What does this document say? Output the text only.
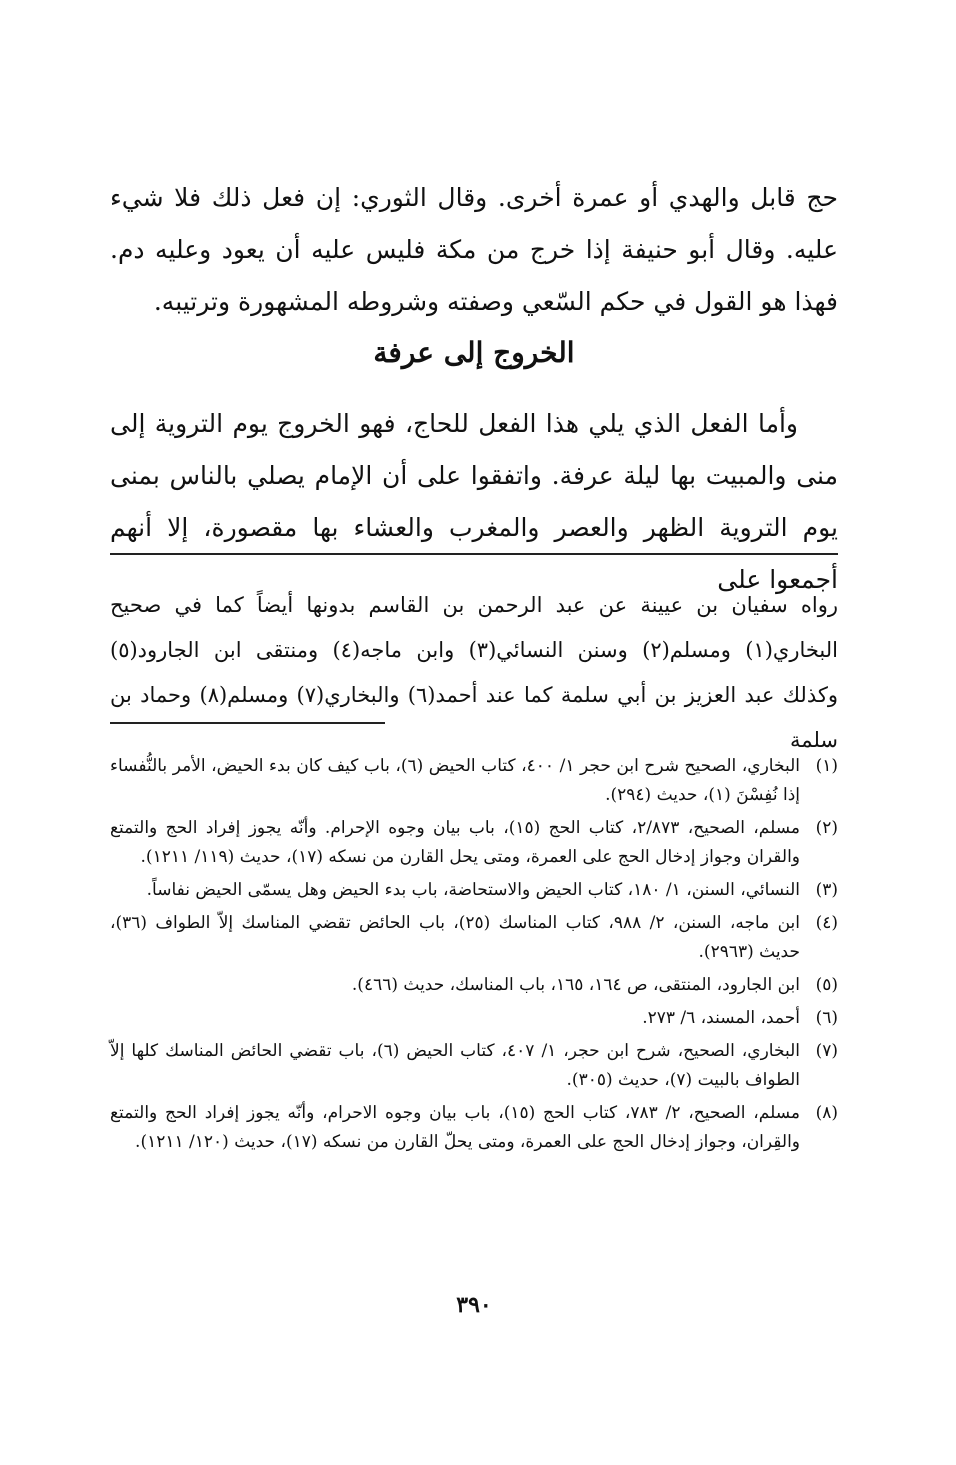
حج قابل والهدي أو عمرة أخرى. وقال الثوري: إن فعل ذلك فلا شيء عليه. وقال أبو حنيفة إذا خرج من مكة فليس عليه أن يعود وعليه دم. فهذا هو القول في حكم السّعي وصفته وشروطه المشهورة وترتيبه.

الخروج إلى عرفة

وأما الفعل الذي يلي هذا الفعل للحاج، فهو الخروج يوم التروية إلى منى والمبيت بها ليلة عرفة. واتفقوا على أن الإمام يصلي بالناس بمنى يوم التروية الظهر والعصر والمغرب والعشاء بها مقصورة، إلا أنهم أجمعوا على

رواه سفيان بن عيينة عن عبد الرحمن بن القاسم بدونها أيضاً كما في صحيح البخاري(١) ومسلم(٢) وسنن النسائي(٣) وابن ماجه(٤) ومنتقى ابن الجارود(٥) وكذلك عبد العزيز بن أبي سلمة كما عند أحمد(٦) والبخاري(٧) ومسلم(٨) وحماد بن سلمة

(١)
البخاري، الصحيح شرح ابن حجر ١/ ٤٠٠، كتاب الحيض (٦)، باب كيف كان بدء الحيض، الأمر بالنُّفساء إذا نُفِسْنَ (١)، حديث (٢٩٤).
(٢)
مسلم، الصحيح، ٢/٨٧٣، كتاب الحج (١٥)، باب بيان وجوه الإحرام. وأنّه يجوز إفراد الحج والتمتع والقران وجواز إدخال الحج على العمرة، ومتى يحل القارن من نسكه (١٧)، حديث (١١٩/ ١٢١١).
(٣)
النسائي، السنن، ١/ ١٨٠، كتاب الحيض والاستحاضة، باب بدء الحيض وهل يسمّى الحيض نفاساً.
(٤)
ابن ماجه، السنن، ٢/ ٩٨٨، كتاب المناسك (٢٥)، باب الحائض تقضي المناسك إلاّ الطواف (٣٦)، حديث (٢٩٦٣).
(٥)
ابن الجارود، المنتقى، ص ١٦٤، ١٦٥، باب المناسك، حديث (٤٦٦).
(٦)
أحمد، المسند، ٦/ ٢٧٣.
(٧)
البخاري، الصحيح، شرح ابن حجر، ١/ ٤٠٧، كتاب الحيض (٦)، باب تقضي الحائض المناسك كلها إلاّ الطواف بالبيت (٧)، حديث (٣٠٥).
(٨)
مسلم، الصحيح، ٢/ ٧٨٣، كتاب الحج (١٥)، باب بيان وجوه الاحرام، وأنّه يجوز إفراد الحج والتمتع والقِران، وجواز إدخال الحج على العمرة، ومتى يحلّ القارن من نسكه (١٧)، حديث (١٢٠/ ١٢١١).
٣٩٠
